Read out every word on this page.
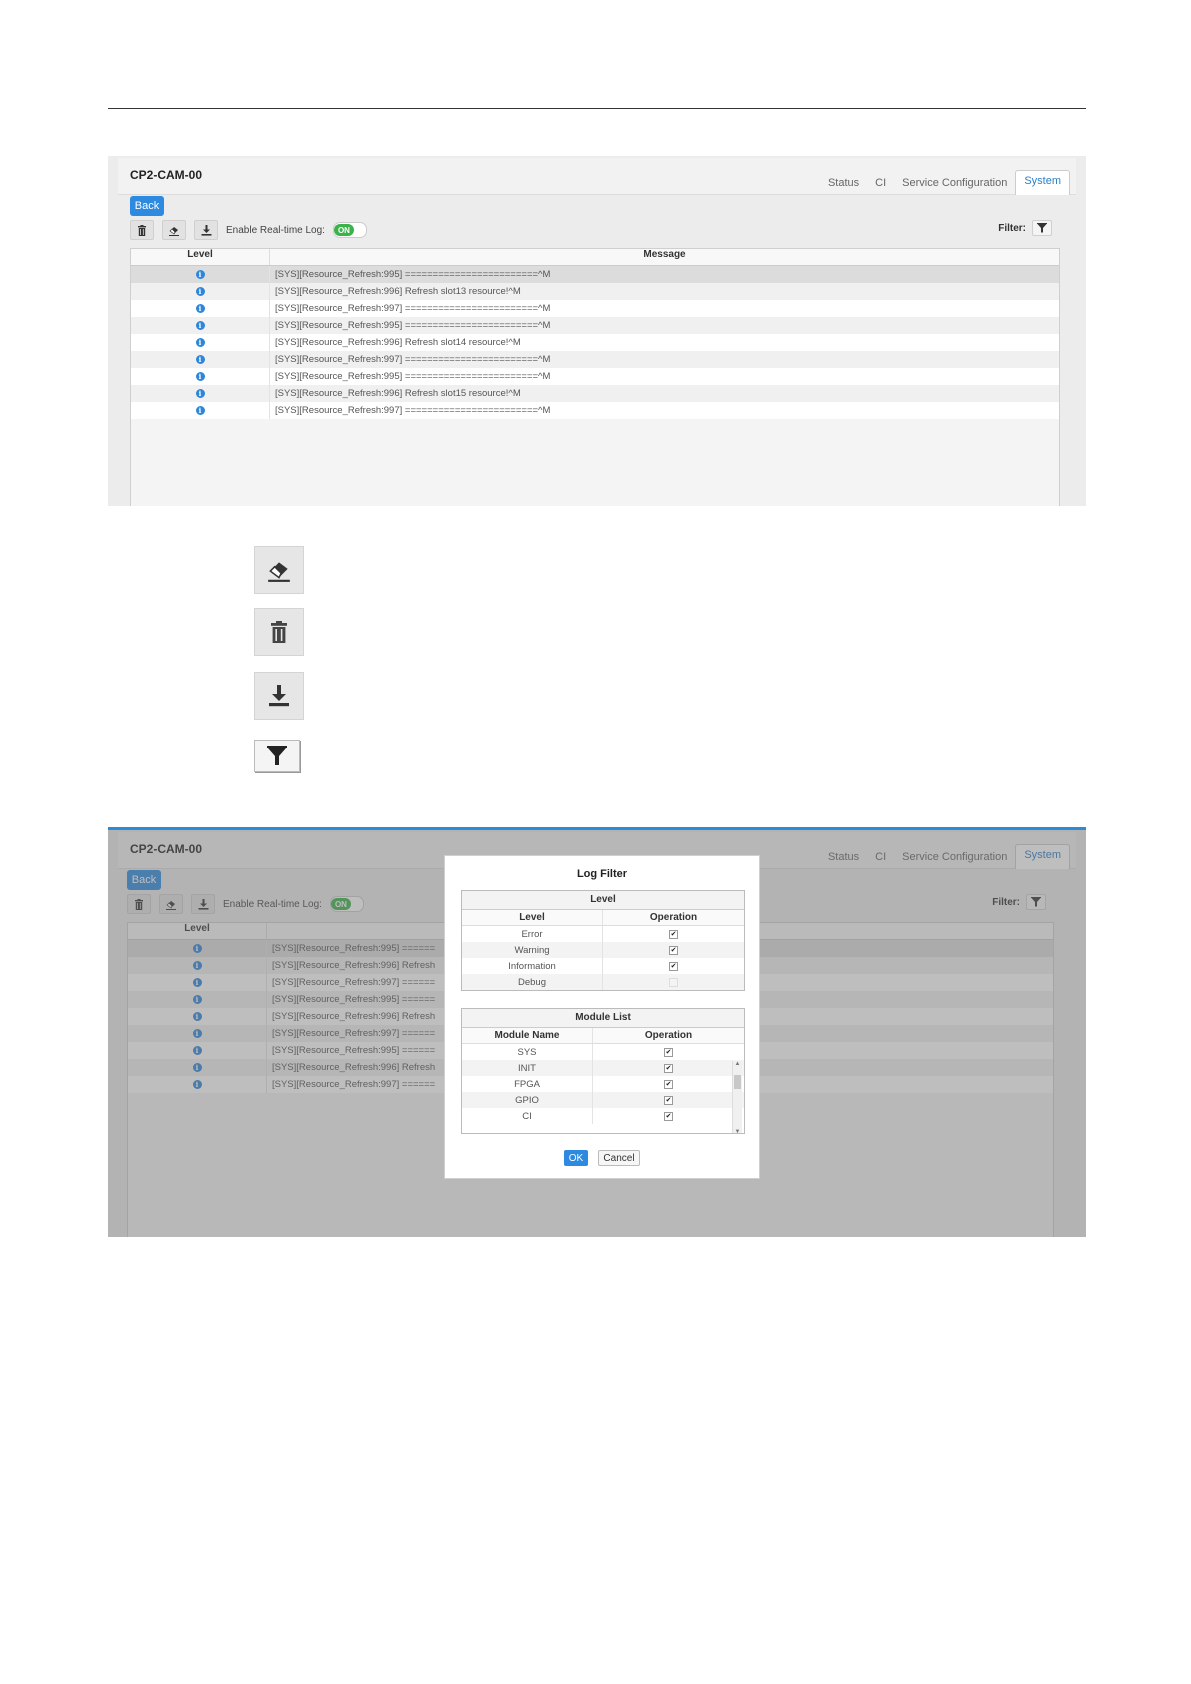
CP2-CAM-00
Status	CI	Service Configuration	System
Back
Enable Real-time Log:	ON	Filter:
Level	Message
i	[SYS][Resource_Refresh:995] ========================^M
i	[SYS][Resource_Refresh:996] Refresh slot13 resource!^M
i	[SYS][Resource_Refresh:997] ========================^M
i	[SYS][Resource_Refresh:995] ========================^M
i	[SYS][Resource_Refresh:996] Refresh slot14 resource!^M
i	[SYS][Resource_Refresh:997] ========================^M
i	[SYS][Resource_Refresh:995] ========================^M
i	[SYS][Resource_Refresh:996] Refresh slot15 resource!^M
i	[SYS][Resource_Refresh:997] ========================^M
CP2-CAM-00
Status	CI	Service Configuration	System
Back
Enable Real-time Log:	ON	Filter:
Level
i	[SYS][Resource_Refresh:995] ======
i	[SYS][Resource_Refresh:996] Refresh
i	[SYS][Resource_Refresh:997] ======
i	[SYS][Resource_Refresh:995] ======
i	[SYS][Resource_Refresh:996] Refresh
i	[SYS][Resource_Refresh:997] ======
i	[SYS][Resource_Refresh:995] ======
i	[SYS][Resource_Refresh:996] Refresh
i	[SYS][Resource_Refresh:997] ======
Log Filter
Level
Level	Operation
Error	✔
Warning	✔
Information	✔
Debug
Module List
Module Name	Operation
SYS	✔
INIT	✔
FPGA	✔
GPIO	✔
CI	✔
▲
▼
OK	Cancel
